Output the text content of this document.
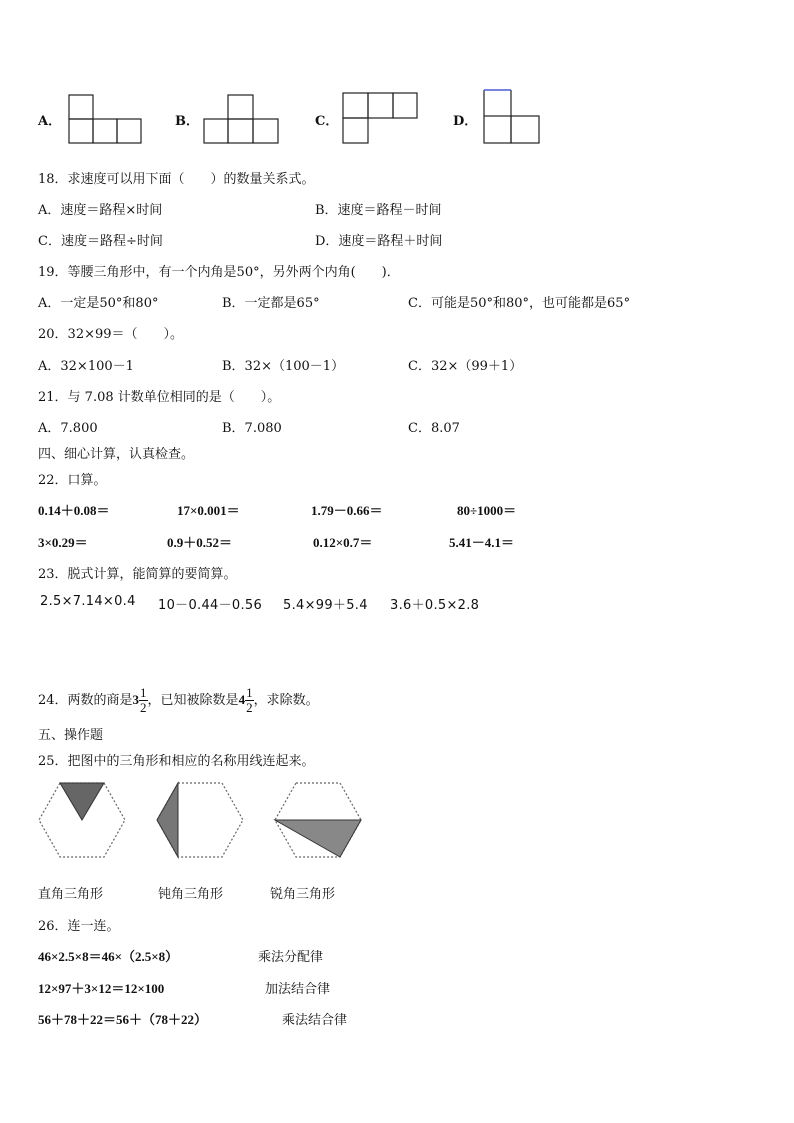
A．	B．	C．	D．
18．求速度可以用下面（　　）的数量关系式。
A．速度＝路程×时间	B．速度＝路程－时间
C．速度＝路程÷时间	D．速度＝路程＋时间
19．等腰三角形中，有一个内角是50°，另外两个内角(　　)．
A．一定是50°和80°	B．一定都是65°	C．可能是50°和80°，也可能都是65°
20．32×99＝（　　）。
A．32×100－1	B．32×（100－1）	C．32×（99＋1）
21．与 7.08 计数单位相同的是（　　）。
A．7.800	B．7.080	C．8.07
四、细心计算，认真检查。
22．口算。
0.14＋0.08＝	17×0.001＝	1.79－0.66＝	80÷1000＝
3×0.29＝	0.9＋0.52＝	0.12×0.7＝	5.41－4.1＝
23．脱式计算，能简算的要简算。
2.5×7.14×0.4 10－0.44－0.56 5.4×99＋5.4 3.6＋0.5×2.8
24．两数的商是$3 \frac{1}{2}$ ，已知被除数是$4 \frac{1}{2}$ ，求除数。
五、操作题
25．把图中的三角形和相应的名称用线连起来。
直角三角形	钝角三角形	锐角三角形
26．连一连。
46×2.5×8＝46×（2.5×8）	乘法分配律
12×97＋3×12＝12×100	加法结合律
56＋78＋22＝56＋（78＋22）	乘法结合律
